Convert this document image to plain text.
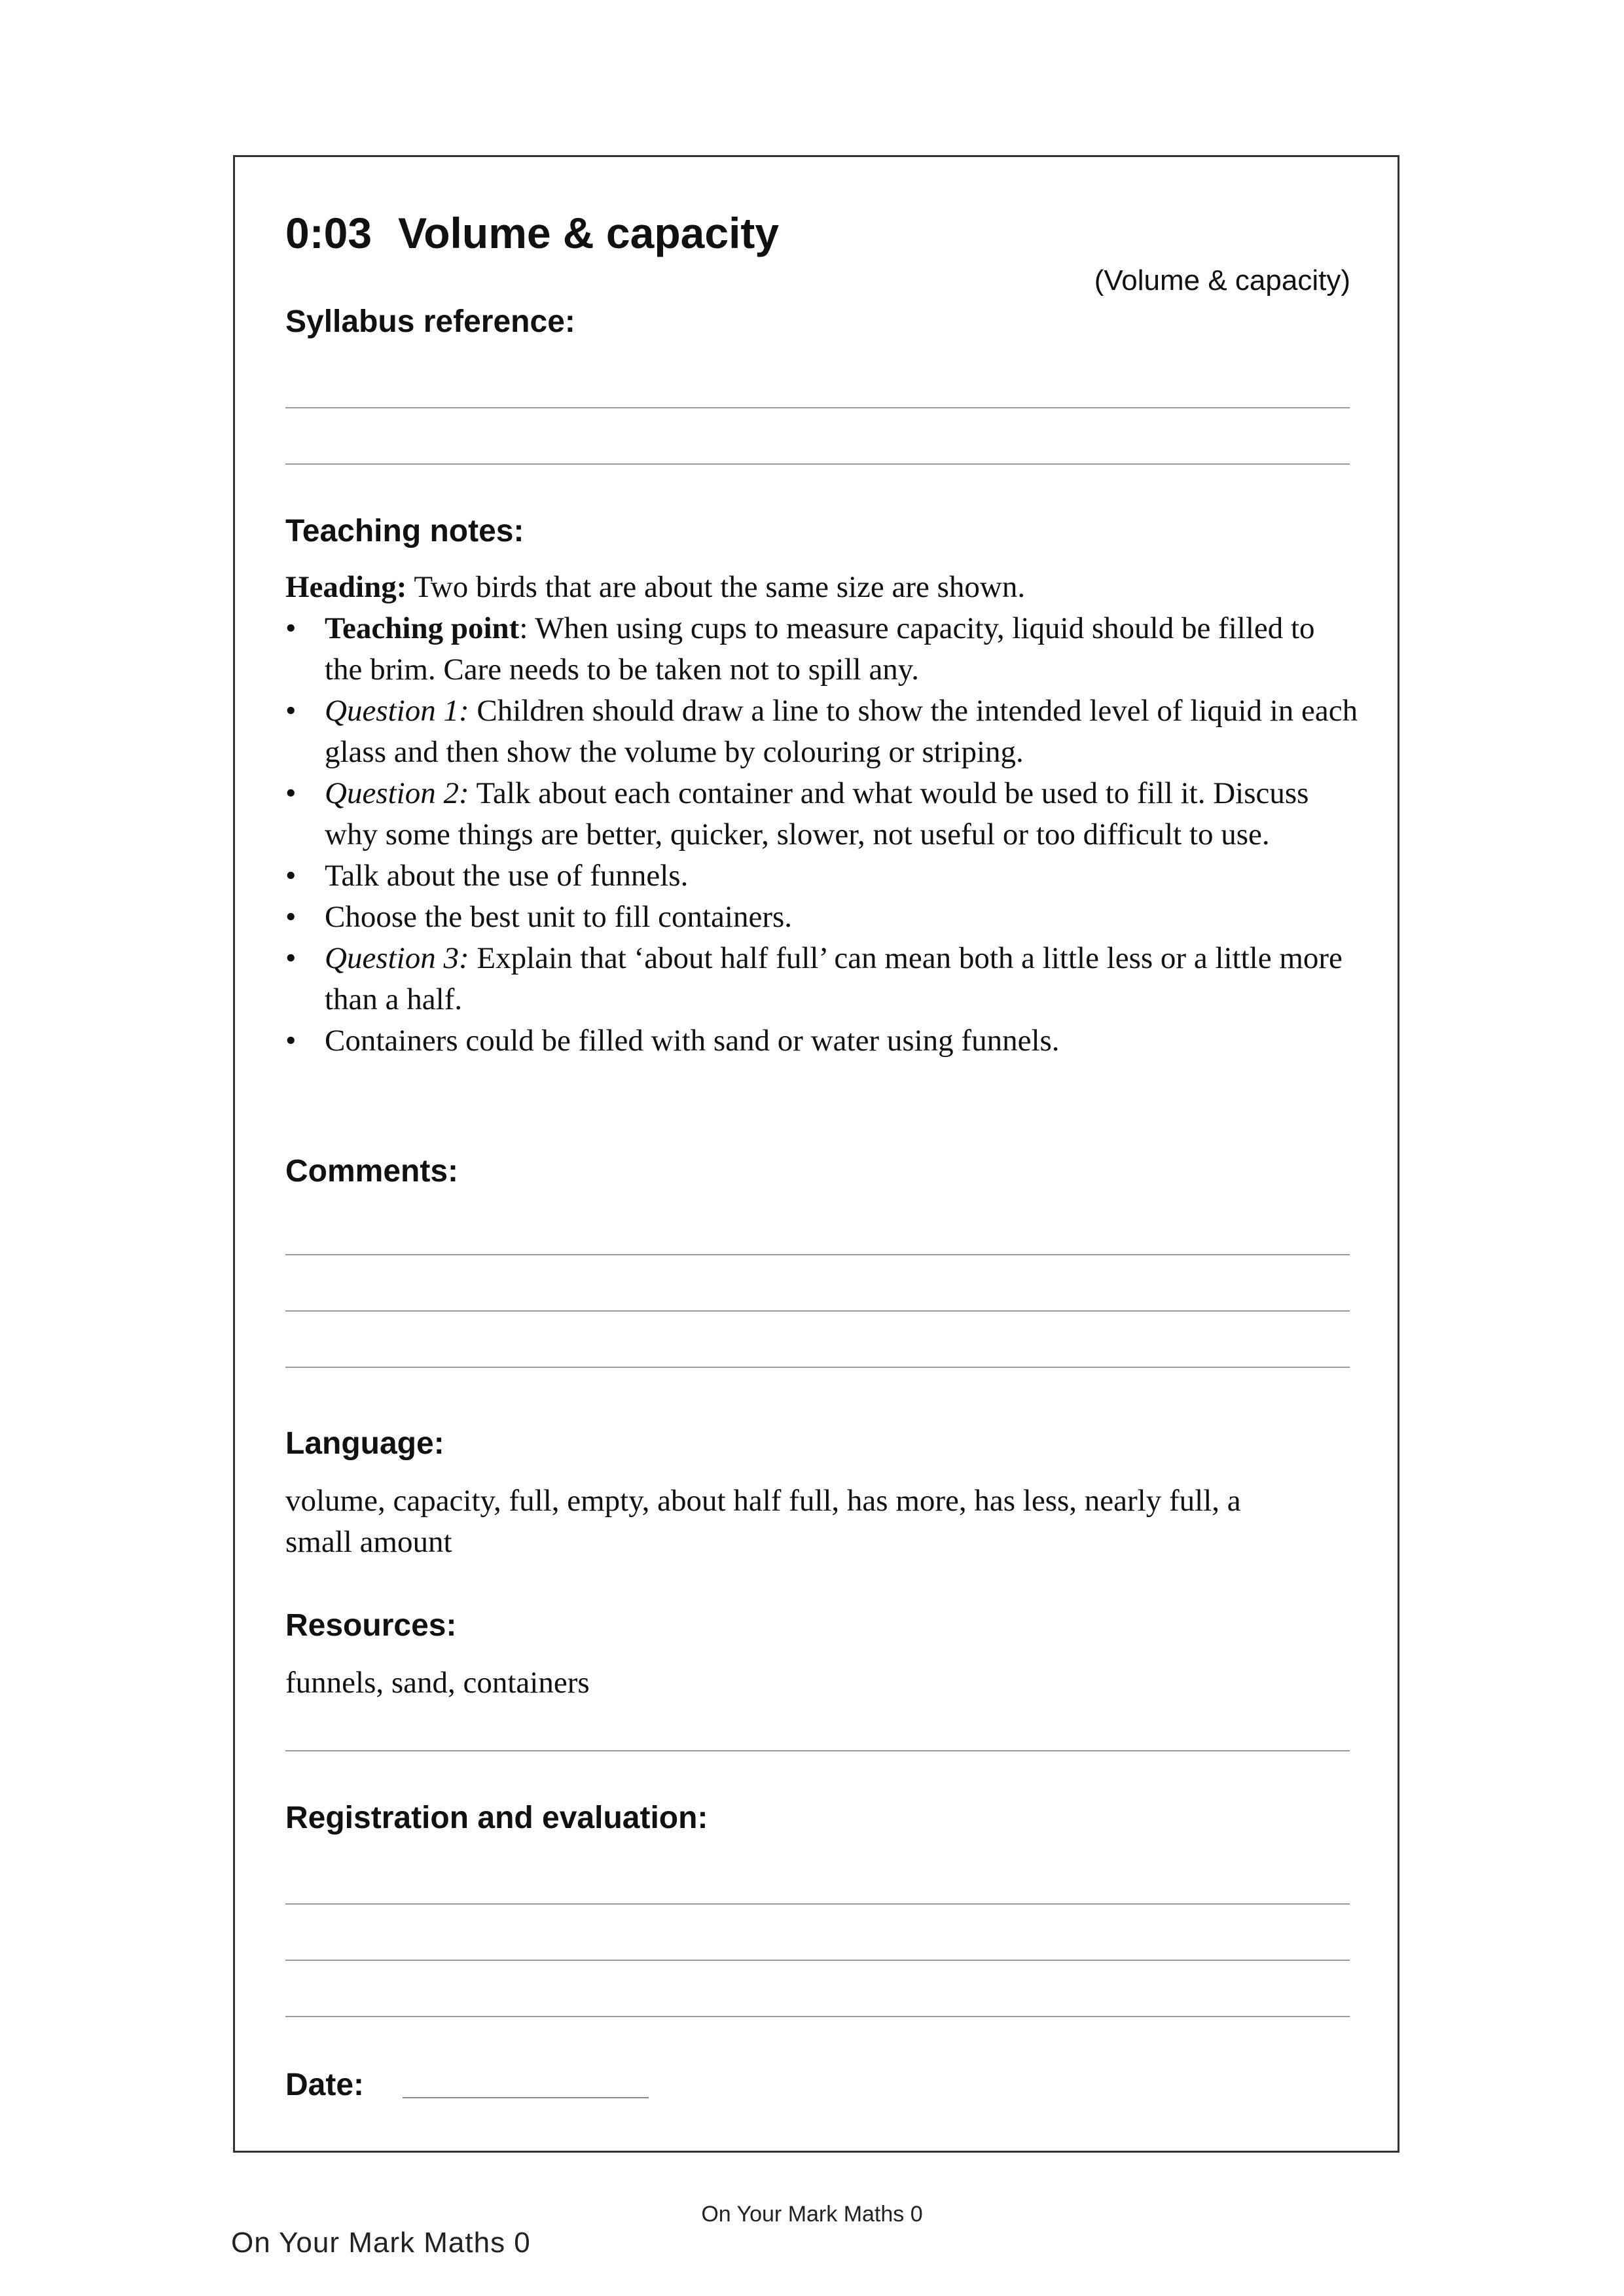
0:03 Volume & capacity
(Volume & capacity)
Syllabus reference:
Teaching notes:

Heading: Two birds that are about the same size are shown.

• Teaching point: When using cups to measure capacity, liquid should be filled to the brim. Care needs to be taken not to spill any.
• Question 1: Children should draw a line to show the intended level of liquid in each glass and then show the volume by colouring or striping.
• Question 2: Talk about each container and what would be used to fill it. Discuss why some things are better, quicker, slower, not useful or too difficult to use.
• Talk about the use of funnels.
• Choose the best unit to fill containers.
• Question 3: Explain that ‘about half full’ can mean both a little less or a little more than a half.
• Containers could be filled with sand or water using funnels.
Comments:
Language:
volume, capacity, full, empty, about half full, has more, has less, nearly full, a small amount
Resources:
funnels, sand, containers
Registration and evaluation:
Date:
On Your Mark Maths 0
On Your Mark Maths 0
